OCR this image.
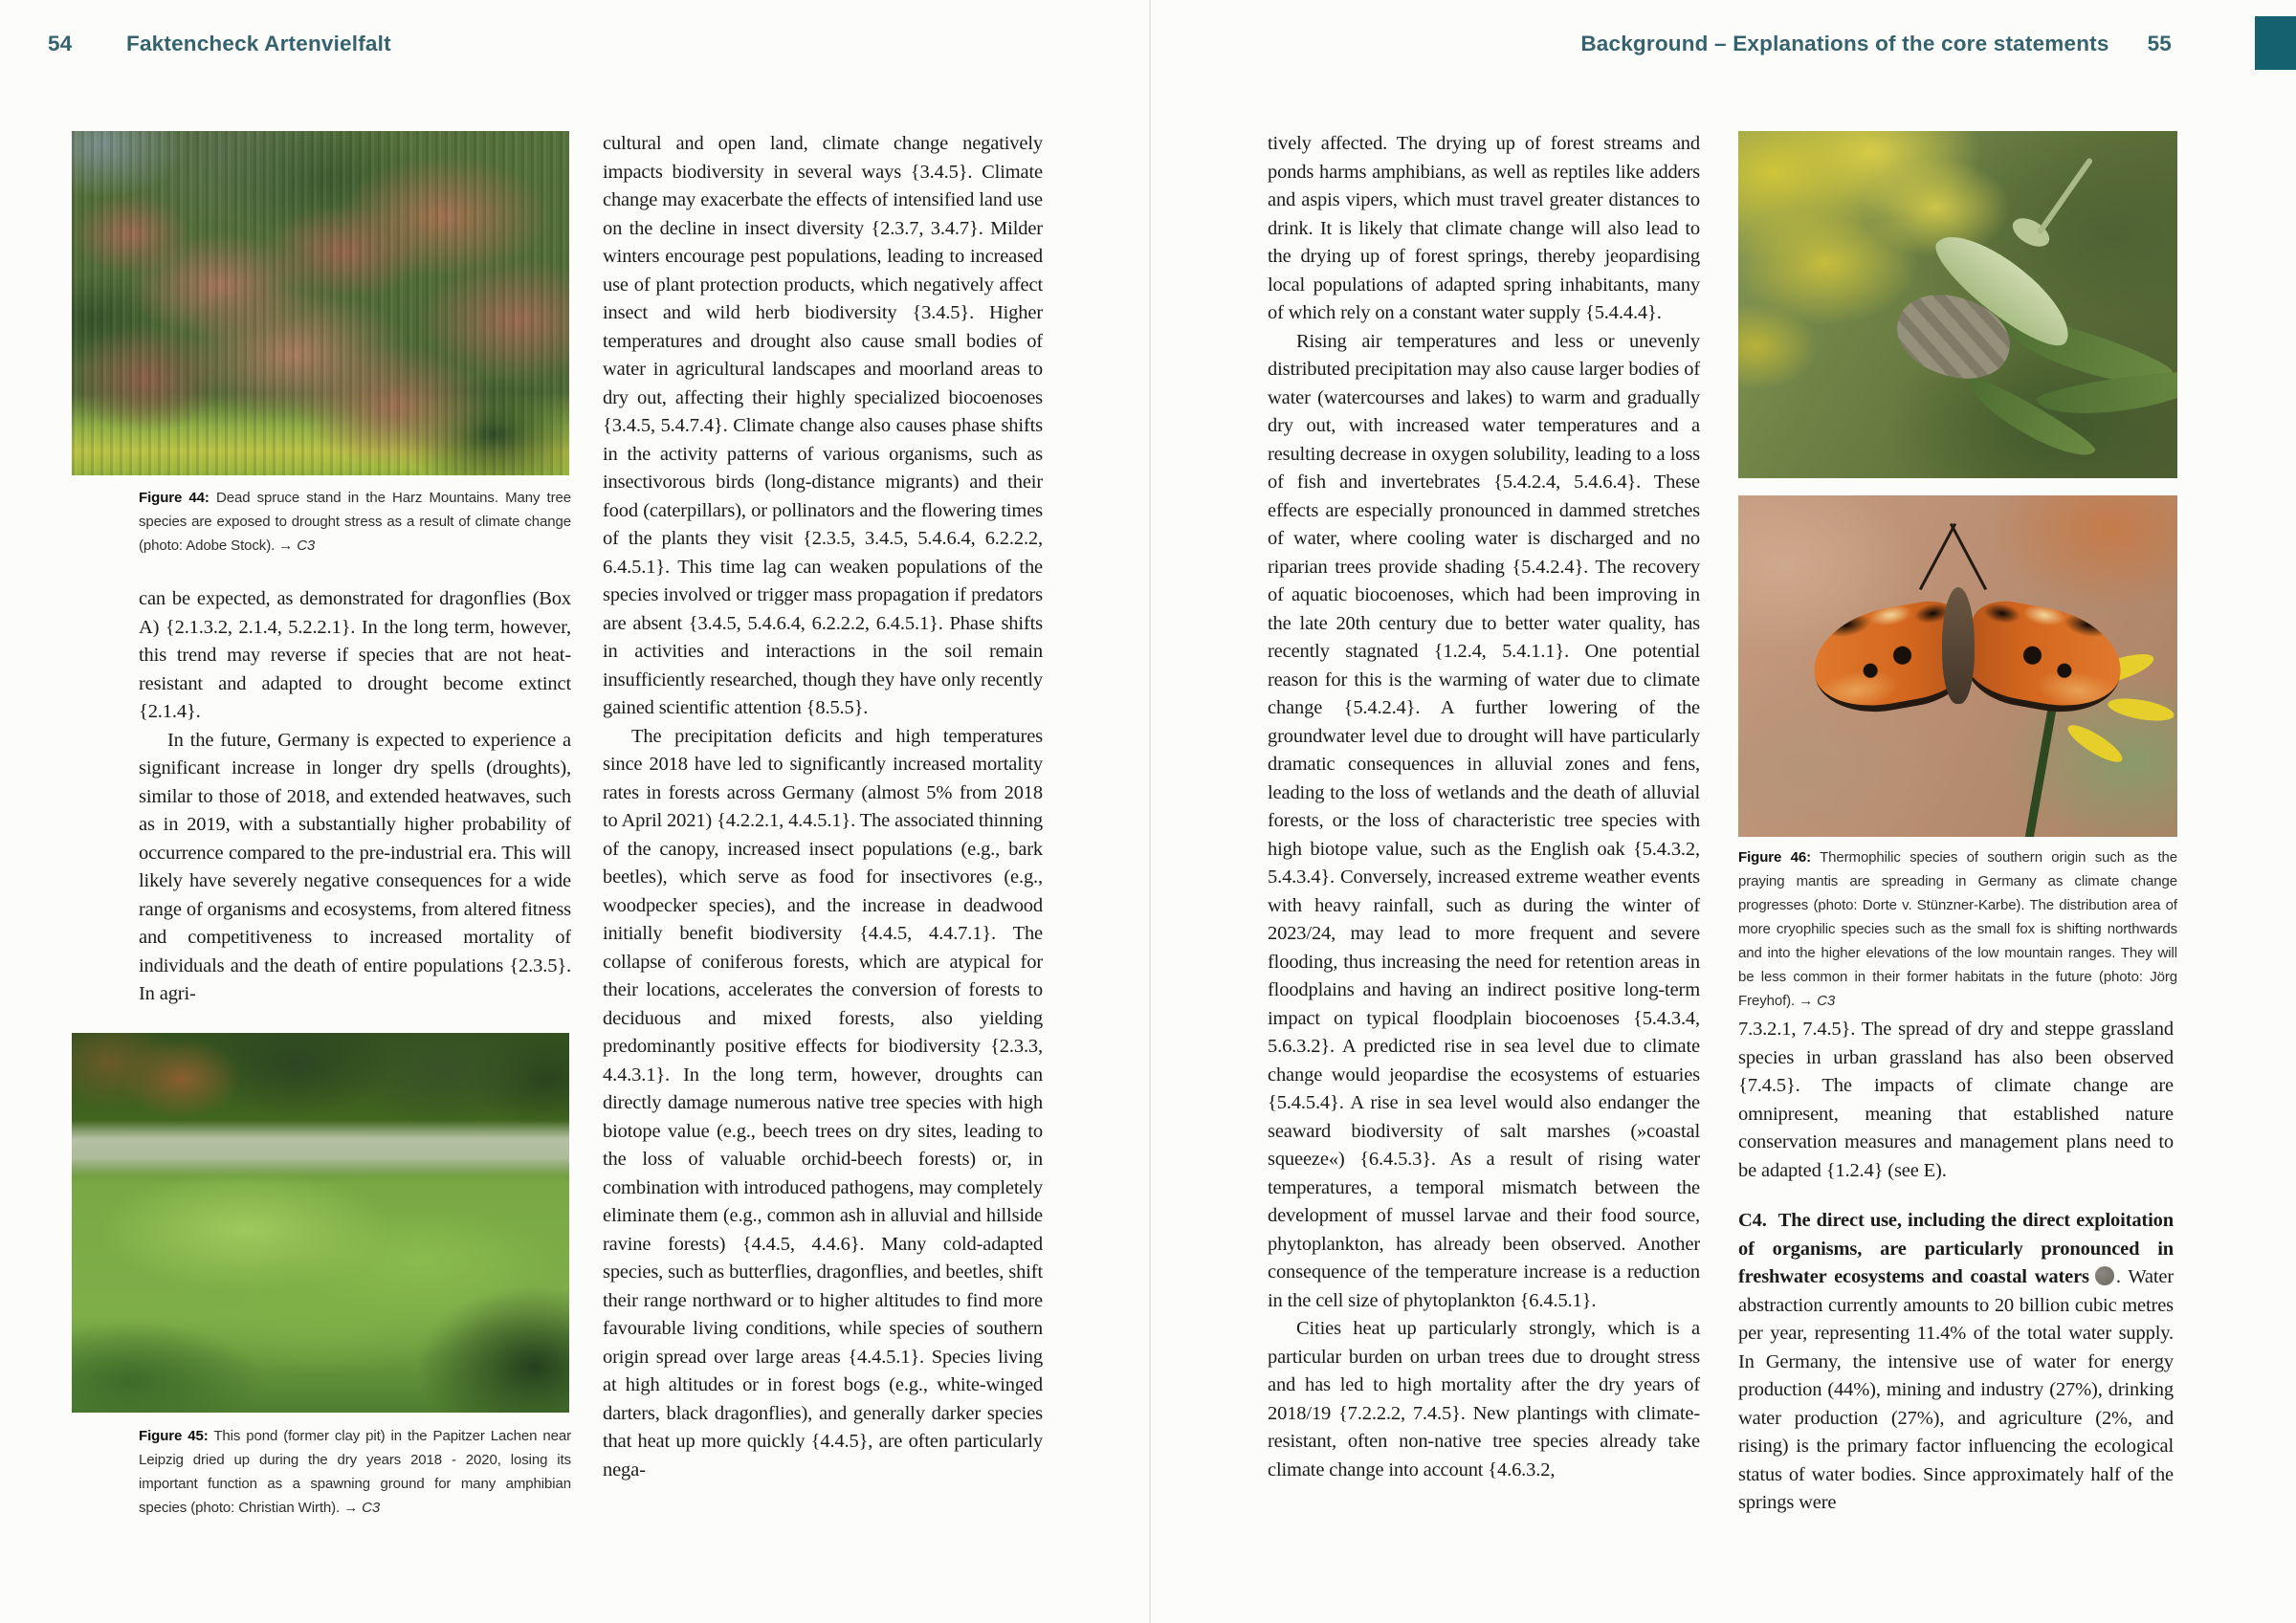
54	Faktencheck Artenvielfalt	Background – Explanations of the core statements 55

Figure 44: Dead spruce stand in the Harz Mountains. Many tree species are exposed to drought stress as a result of climate change (photo: Adobe Stock). → C3

can be expected, as demonstrated for dragonflies (Box A) {2.1.3.2, 2.1.4, 5.2.2.1}. In the long term, however, this trend may reverse if species that are not heat-resistant and adapted to drought become extinct {2.1.4}.

In the future, Germany is expected to experience a significant increase in longer dry spells (droughts), similar to those of 2018, and extended heatwaves, such as in 2019, with a substantially higher probability of occurrence compared to the pre-industrial era. This will likely have severely negative consequences for a wide range of organisms and ecosystems, from altered fitness and competitiveness to increased mortality of individuals and the death of entire populations {2.3.5}. In agri-

Figure 45: This pond (former clay pit) in the Papitzer Lachen near Leipzig dried up during the dry years 2018 - 2020, losing its important function as a spawning ground for many amphibian species (photo: Christian Wirth). → C3

cultural and open land, climate change negatively impacts biodiversity in several ways {3.4.5}. Climate change may exacerbate the effects of intensified land use on the decline in insect diversity {2.3.7, 3.4.7}. Milder winters encourage pest populations, leading to increased use of plant protection products, which negatively affect insect and wild herb biodiversity {3.4.5}. Higher temperatures and drought also cause small bodies of water in agricultural landscapes and moorland areas to dry out, affecting their highly specialized biocoenoses {3.4.5, 5.4.7.4}. Climate change also causes phase shifts in the activity patterns of various organisms, such as insectivorous birds (long-distance migrants) and their food (caterpillars), or pollinators and the flowering times of the plants they visit {2.3.5, 3.4.5, 5.4.6.4, 6.2.2.2, 6.4.5.1}. This time lag can weaken populations of the species involved or trigger mass propagation if predators are absent {3.4.5, 5.4.6.4, 6.2.2.2, 6.4.5.1}. Phase shifts in activities and interactions in the soil remain insufficiently researched, though they have only recently gained scientific attention {8.5.5}.

The precipitation deficits and high temperatures since 2018 have led to significantly increased mortality rates in forests across Germany (almost 5% from 2018 to April 2021) {4.2.2.1, 4.4.5.1}. The associated thinning of the canopy, increased insect populations (e.g., bark beetles), which serve as food for insectivores (e.g., woodpecker species), and the increase in deadwood initially benefit biodiversity {4.4.5, 4.4.7.1}. The collapse of coniferous forests, which are atypical for their locations, accelerates the conversion of forests to deciduous and mixed forests, also yielding predominantly positive effects for biodiversity {2.3.3, 4.4.3.1}. In the long term, however, droughts can directly damage numerous native tree species with high biotope value (e.g., beech trees on dry sites, leading to the loss of valuable orchid-beech forests) or, in combination with introduced pathogens, may completely eliminate them (e.g., common ash in alluvial and hillside ravine forests) {4.4.5, 4.4.6}. Many cold-adapted species, such as butterflies, dragonflies, and beetles, shift their range northward or to higher altitudes to find more favourable living conditions, while species of southern origin spread over large areas {4.4.5.1}. Species living at high altitudes or in forest bogs (e.g., white-winged darters, black dragonflies), and generally darker species that heat up more quickly {4.4.5}, are often particularly nega-

tively affected. The drying up of forest streams and ponds harms amphibians, as well as reptiles like adders and aspis vipers, which must travel greater distances to drink. It is likely that climate change will also lead to the drying up of forest springs, thereby jeopardising local populations of adapted spring inhabitants, many of which rely on a constant water supply {5.4.4.4}.

Rising air temperatures and less or unevenly distributed precipitation may also cause larger bodies of water (watercourses and lakes) to warm and gradually dry out, with increased water temperatures and a resulting decrease in oxygen solubility, leading to a loss of fish and invertebrates {5.4.2.4, 5.4.6.4}. These effects are especially pronounced in dammed stretches of water, where cooling water is discharged and no riparian trees provide shading {5.4.2.4}. The recovery of aquatic biocoenoses, which had been improving in the late 20th century due to better water quality, has recently stagnated {1.2.4, 5.4.1.1}. One potential reason for this is the warming of water due to climate change {5.4.2.4}. A further lowering of the groundwater level due to drought will have particularly dramatic consequences in alluvial zones and fens, leading to the loss of wetlands and the death of alluvial forests, or the loss of characteristic tree species with high biotope value, such as the English oak {5.4.3.2, 5.4.3.4}. Conversely, increased extreme weather events with heavy rainfall, such as during the winter of 2023/24, may lead to more frequent and severe flooding, thus increasing the need for retention areas in floodplains and having an indirect positive long-term impact on typical floodplain biocoenoses {5.4.3.4, 5.6.3.2}. A predicted rise in sea level due to climate change would jeopardise the ecosystems of estuaries {5.4.5.4}. A rise in sea level would also endanger the seaward biodiversity of salt marshes (»coastal squeeze«) {6.4.5.3}. As a result of rising water temperatures, a temporal mismatch between the development of mussel larvae and their food source, phytoplankton, has already been observed. Another consequence of the temperature increase is a reduction in the cell size of phytoplankton {6.4.5.1}.

Cities heat up particularly strongly, which is a particular burden on urban trees due to drought stress and has led to high mortality after the dry years of 2018/19 {7.2.2.2, 7.4.5}. New plantings with climate-resistant, often non-native tree species already take climate change into account {4.6.3.2,

Figure 46: Thermophilic species of southern origin such as the praying mantis are spreading in Germany as climate change progresses (photo: Dorte v. Stünzner-Karbe). The distribution area of more cryophilic species such as the small fox is shifting northwards and into the higher elevations of the low mountain ranges. They will be less common in their former habitats in the future (photo: Jörg Freyhof). → C3

7.3.2.1, 7.4.5}. The spread of dry and steppe grassland species in urban grassland has also been observed {7.4.5}. The impacts of climate change are omnipresent, meaning that established nature conservation measures and management plans need to be adapted {1.2.4} (see E).

C4.  The direct use, including the direct exploitation of organisms, are particularly pronounced in freshwater ecosystems and coastal waters . Water abstraction currently amounts to 20 billion cubic metres per year, representing 11.4% of the total water supply. In Germany, the intensive use of water for energy production (44%), mining and industry (27%), drinking water production (27%), and agriculture (2%, and rising) is the primary factor influencing the ecological status of water bodies. Since approximately half of the springs were
